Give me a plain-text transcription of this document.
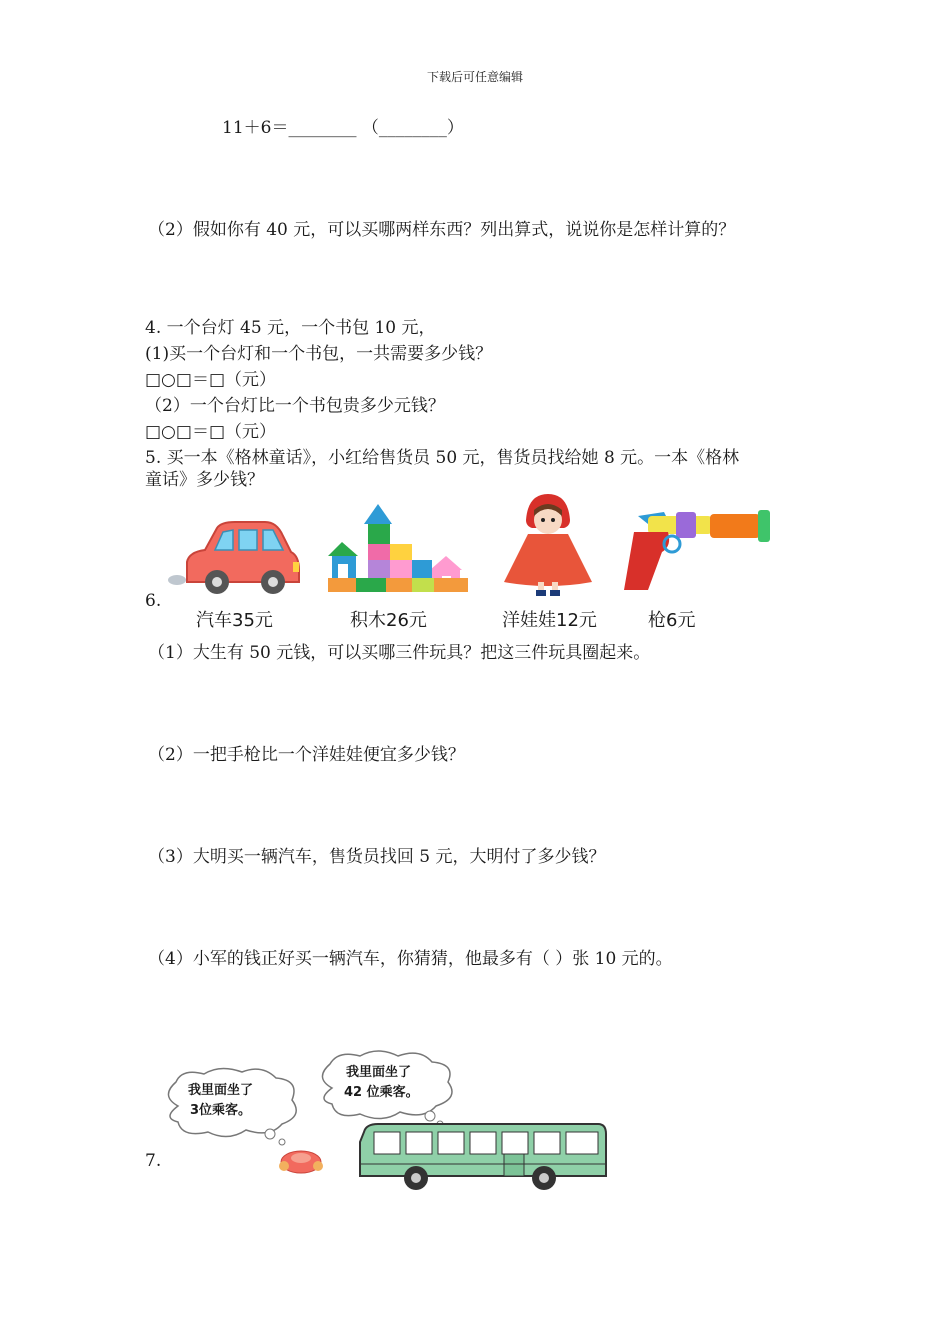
下载后可任意编辑
11＋6＝________ （________）
（2）假如你有 40 元，可以买哪两样东西？列出算式，说说你是怎样计算的？
4. 一个台灯 45 元，一个书包 10 元，
(1)买一个台灯和一个书包，一共需要多少钱？
□○□＝□（元）
（2）一个台灯比一个书包贵多少元钱？
□○□＝□（元）
5. 买一本《格林童话》，小红给售货员 50 元，售货员找给她 8 元。一本《格林
童话》多少钱？
6.
汽车35元	积木26元	洋娃娃12元	枪6元
（1）大生有 50 元钱，可以买哪三件玩具？把这三件玩具圈起来。
（2）一把手枪比一个洋娃娃便宜多少钱？
（3）大明买一辆汽车，售货员找回 5 元，大明付了多少钱？
（4）小军的钱正好买一辆汽车，你猜猜，他最多有（ ）张 10 元的。
7.
我里面坐了
3位乘客。
我里面坐了
42 位乘客。
